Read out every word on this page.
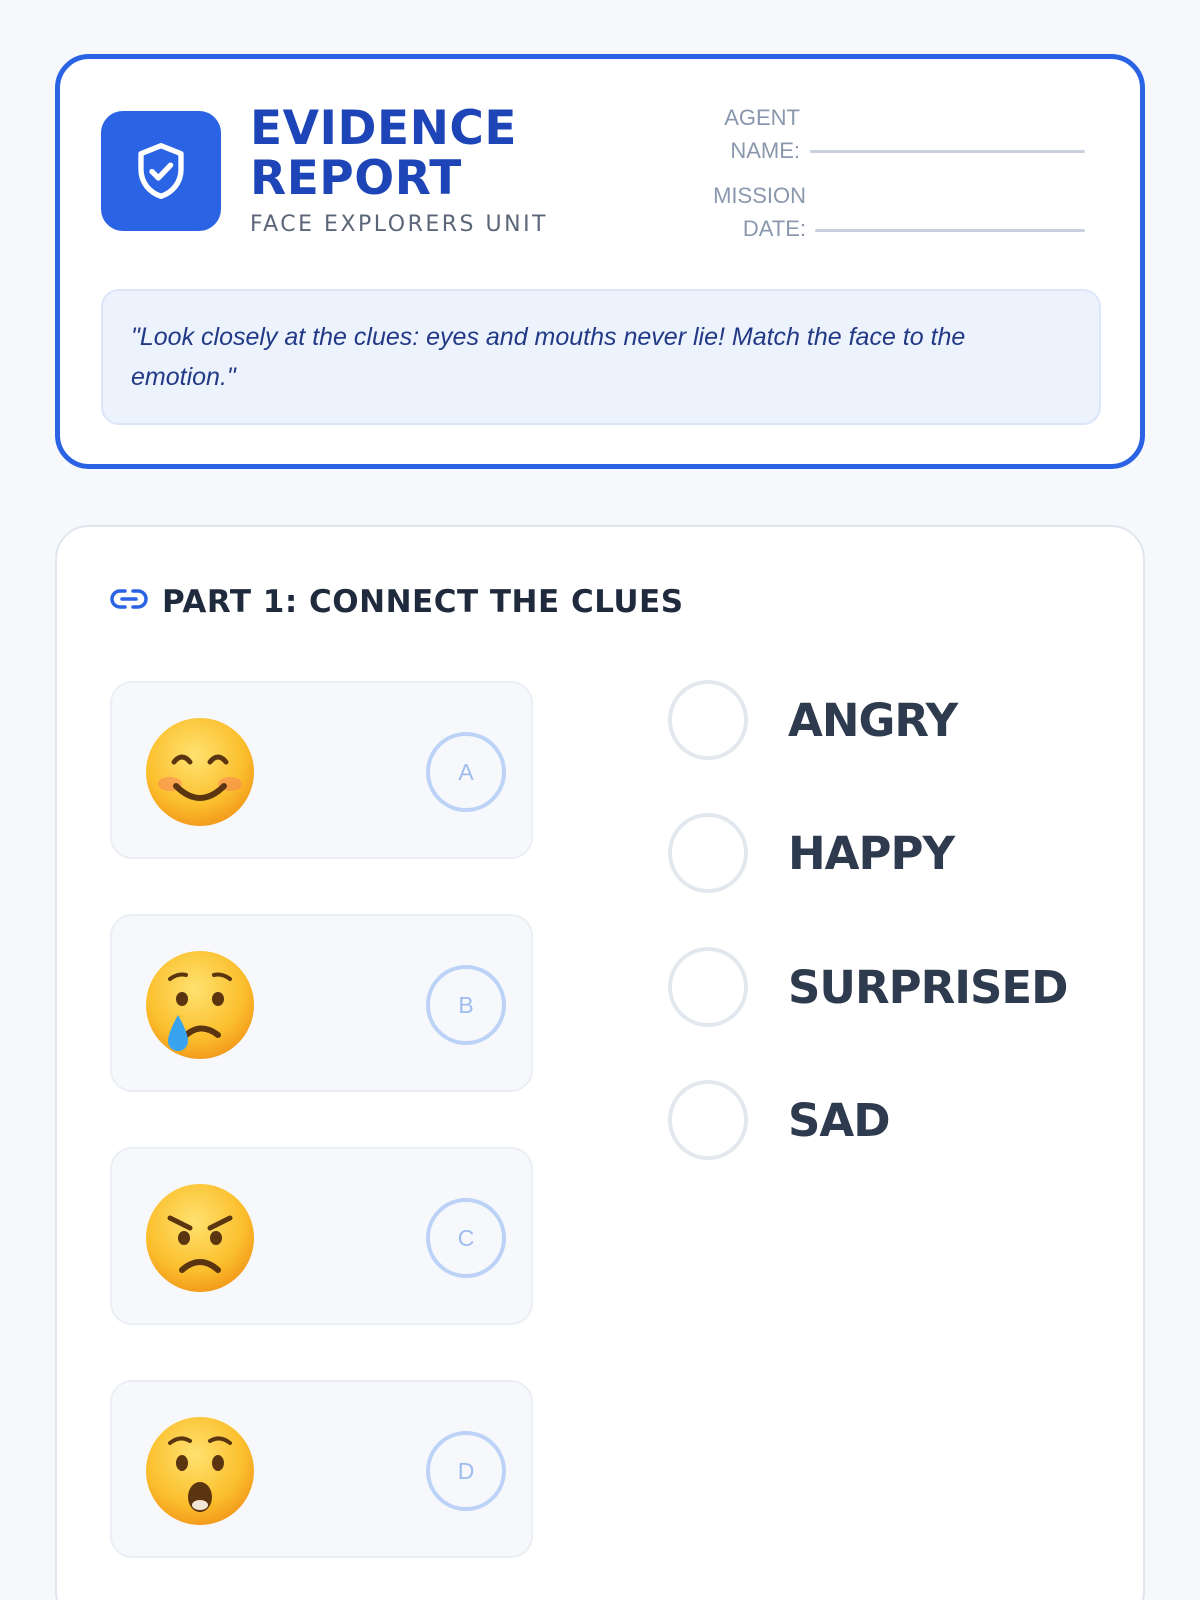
EVIDENCE REPORT
FACE EXPLORERS UNIT
AGENT NAME:
MISSION DATE:
"Look closely at the clues: eyes and mouths never lie! Match the face to the emotion."
PART 1: CONNECT THE CLUES
A
B
C
D
ANGRY
HAPPY
SURPRISED
SAD
